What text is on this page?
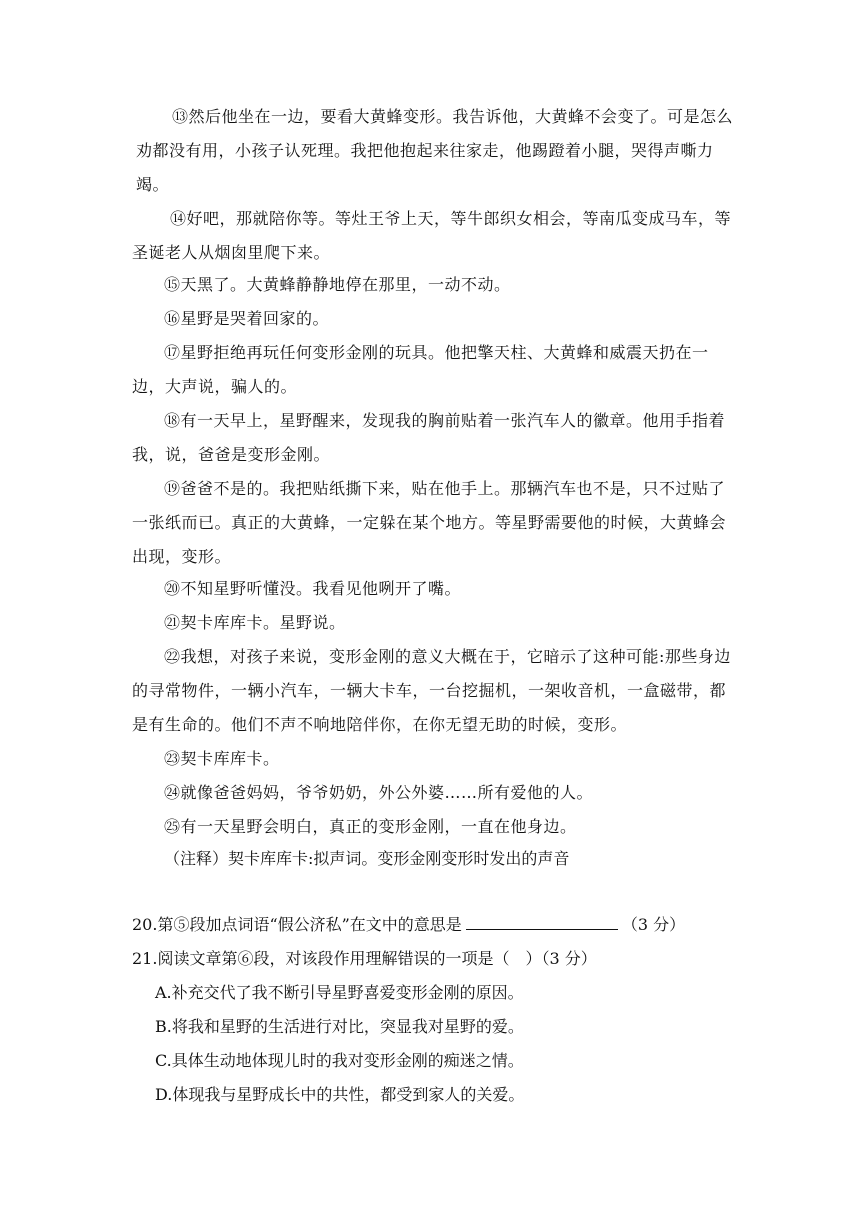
⑬然后他坐在一边，要看大黄蜂变形。我告诉他，大黄蜂不会变了。可是怎么劝都没有用，小孩子认死理。我把他抱起来往家走，他踢蹬着小腿，哭得声嘶力竭。

⑭好吧，那就陪你等。等灶王爷上天，等牛郎织女相会，等南瓜变成马车，等圣诞老人从烟囱里爬下来。

⑮天黑了。大黄蜂静静地停在那里，一动不动。
⑯星野是哭着回家的。

⑰星野拒绝再玩任何变形金刚的玩具。他把擎天柱、大黄蜂和威震天扔在一边，大声说，骗人的。

⑱有一天早上，星野醒来，发现我的胸前贴着一张汽车人的徽章。他用手指着我，说，爸爸是变形金刚。

⑲爸爸不是的。我把贴纸撕下来，贴在他手上。那辆汽车也不是，只不过贴了一张纸而已。真正的大黄蜂，一定躲在某个地方。等星野需要他的时候，大黄蜂会出现，变形。

⑳不知星野听懂没。我看见他咧开了嘴。
㉑契卡库库卡。星野说。

㉒我想，对孩子来说，变形金刚的意义大概在于，它暗示了这种可能:那些身边的寻常物件，一辆小汽车，一辆大卡车，一台挖掘机，一架收音机，一盒磁带，都是有生命的。他们不声不响地陪伴你，在你无望无助的时候，变形。

㉓契卡库库卡。
㉔就像爸爸妈妈，爷爷奶奶，外公外婆……所有爱他的人。
㉕有一天星野会明白，真正的变形金刚，一直在他身边。
（注释）契卡库库卡:拟声词。变形金刚变形时发出的声音
20.第⑤段加点词语“假公济私”在文中的意思是	（3 分）
21.阅读文章第⑥段，对该段作用理解错误的一项是（　）（3 分）
A.补充交代了我不断引导星野喜爱变形金刚的原因。
B.将我和星野的生活进行对比，突显我对星野的爱。
C.具体生动地体现儿时的我对变形金刚的痴迷之情。
D.体现我与星野成长中的共性，都受到家人的关爱。
